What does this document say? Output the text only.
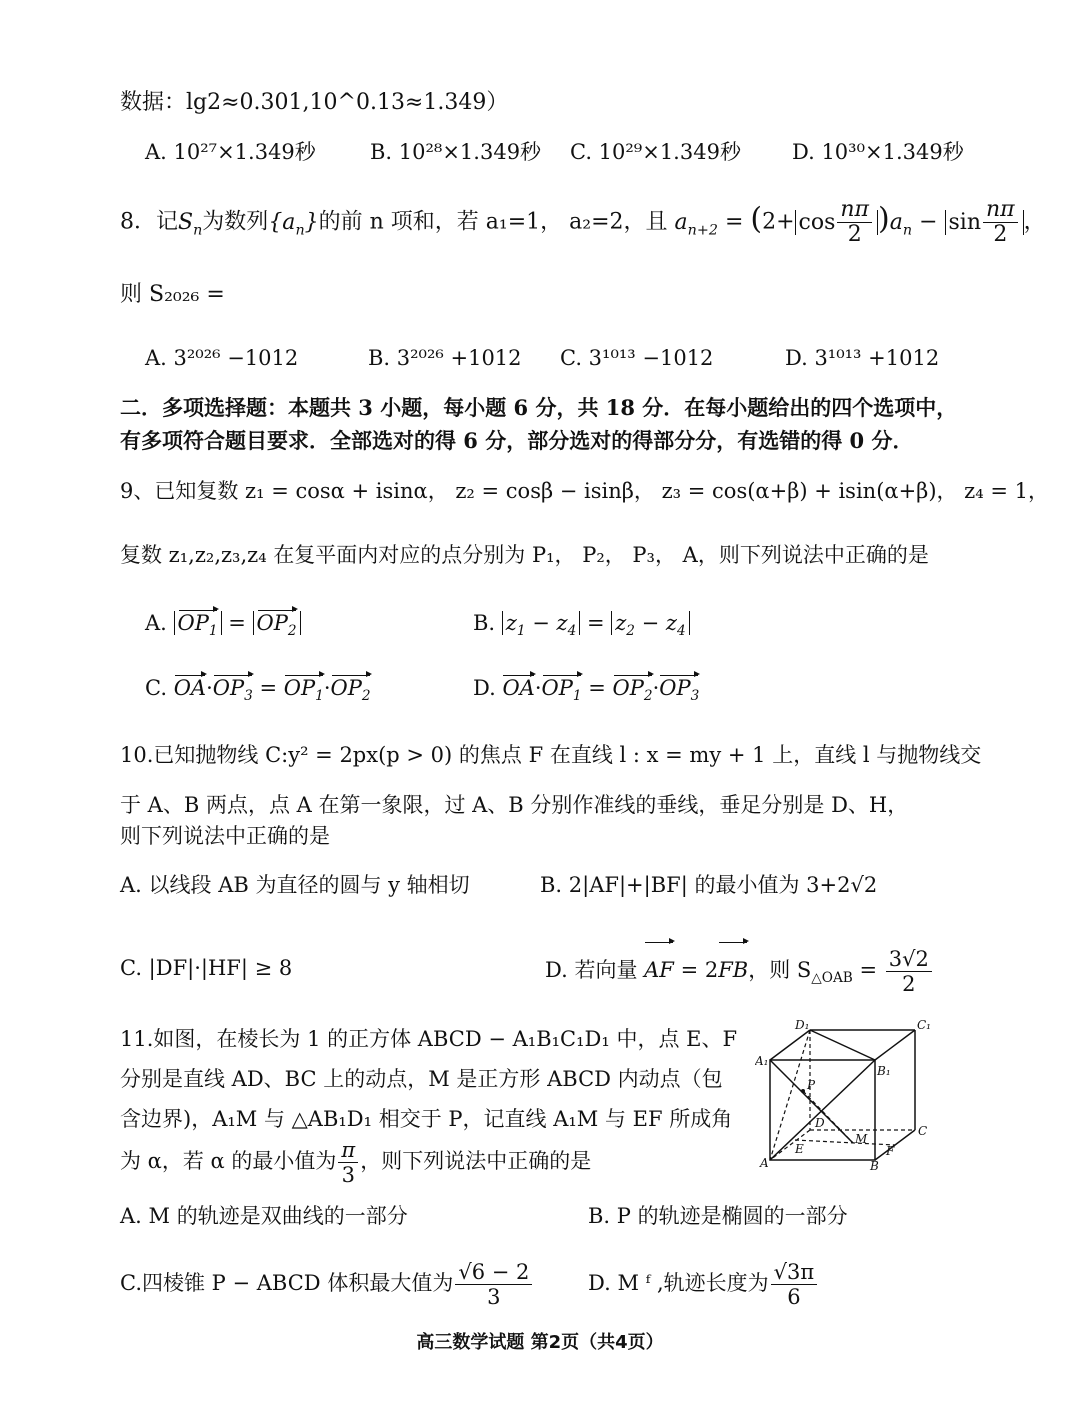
数据：lg2≈0.301,10^0.13≈1.349）
A. 10²⁷×1.349秒	B. 10²⁸×1.349秒 C. 10²⁹×1.349秒 D. 10³⁰×1.349秒
8．记$S_n$为数列$\{a_n\}$的前 n 项和，若 a₁=1， a₂=2，且 $a_{n+2} = (2+ \cos \frac{n\pi}{2} )a_n - \sin \frac{n\pi}{2}$ ，
则 S₂₀₂₆ =
A. 3²⁰²⁶ −1012	B. 3²⁰²⁶ +1012 C. 3¹⁰¹³ −1012	D. 3¹⁰¹³ +1012
二．多项选择题：本题共 3 小题，每小题 6 分，共 18 分．在每小题给出的四个选项中，
有多项符合题目要求．全部选对的得 6 分，部分选对的得部分分，有选错的得 0 分．
9、已知复数 z₁ = cosα + isinα， z₂ = cosβ − isinβ， z₃ = cos(α+β) + isin(α+β)， z₄ = 1，
复数 z₁,z₂,z₃,z₄ 在复平面内对应的点分别为 P₁， P₂， P₃， A，则下列说法中正确的是
A. $OP_1 = OP_2$	B. $z_1 - z_4 = z_2 - z_4$
C. $OA\cdot OP_3 = OP_1\cdot OP_2$	D. $OA\cdot OP_1 = OP_2\cdot OP_3$
10.已知抛物线 C:y² = 2px(p > 0) 的焦点 F 在直线 l : x = my + 1 上，直线 l 与抛物线交
于 A、B 两点，点 A 在第一象限，过 A、B 分别作准线的垂线，垂足分别是 D、H，
则下列说法中正确的是
A. 以线段 AB 为直径的圆与 y 轴相切	B. 2|AF|+|BF| 的最小值为 3+2√2
C. |DF|·|HF| ≥ 8	D. 若向量 AF = 2FB，则 $S_{\triangle OAB} = \frac{3√2}{2}$
11.如图，在棱长为 1 的正方体 ABCD − A₁B₁C₁D₁ 中，点 E、F
分别是直线 AD、BC 上的动点，M 是正方形 ABCD 内动点（包
含边界)，A₁M 与 △AB₁D₁ 相交于 P，记直线 A₁M 与 EF 所成角
为 α，若 α 的最小值为 $\frac{\pi}{3}$ ，则下列说法中正确的是
A. M 的轨迹是双曲线的一部分	B. P 的轨迹是椭圆的一部分
C.四棱锥 P − ABCD 体积最大值为 $\frac{√6 - 2}{3}$	D. M ᶠ ,轨迹长度为 $\frac{√3\pi}{6}$
D₁	C₁
A₁
B₁
P
D
M
C
A	B
E	F
高三数学试题 第2页（共4页）
